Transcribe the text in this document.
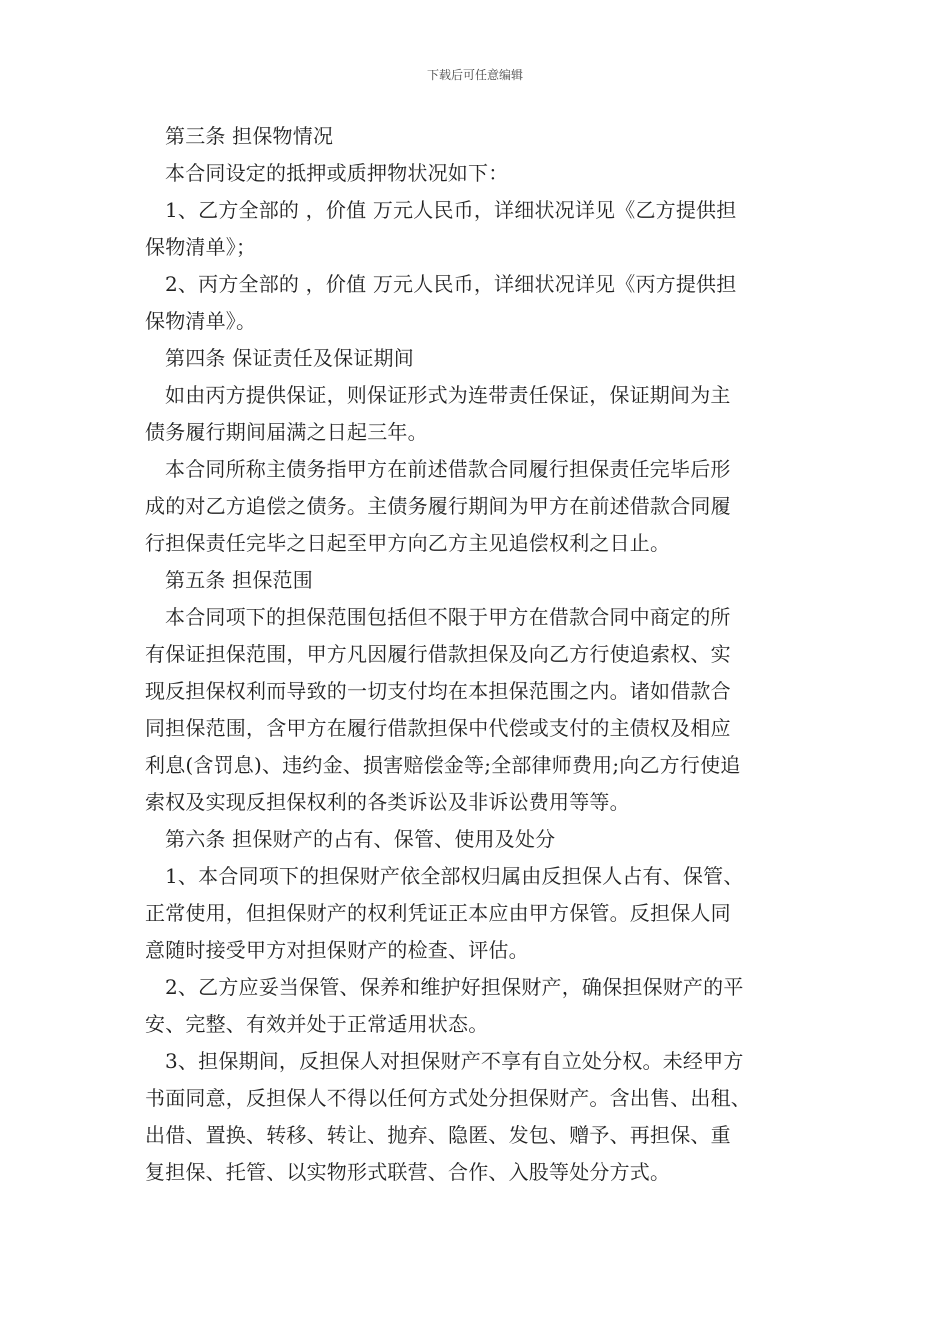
下载后可任意编辑
第三条 担保物情况
本合同设定的抵押或质押物状况如下：
1、乙方全部的 ，价值 万元人民币，详细状况详见《乙方提供担
保物清单》；
2、丙方全部的 ，价值 万元人民币，详细状况详见《丙方提供担
保物清单》。
第四条 保证责任及保证期间
如由丙方提供保证，则保证形式为连带责任保证，保证期间为主
债务履行期间届满之日起三年。
本合同所称主债务指甲方在前述借款合同履行担保责任完毕后形
成的对乙方追偿之债务。主债务履行期间为甲方在前述借款合同履
行担保责任完毕之日起至甲方向乙方主见追偿权利之日止。
第五条 担保范围
本合同项下的担保范围包括但不限于甲方在借款合同中商定的所
有保证担保范围，甲方凡因履行借款担保及向乙方行使追索权、实
现反担保权利而导致的一切支付均在本担保范围之内。诸如借款合
同担保范围，含甲方在履行借款担保中代偿或支付的主债权及相应
利息(含罚息)、违约金、损害赔偿金等;全部律师费用;向乙方行使追
索权及实现反担保权利的各类诉讼及非诉讼费用等等。
第六条 担保财产的占有、保管、使用及处分
1、本合同项下的担保财产依全部权归属由反担保人占有、保管、
正常使用，但担保财产的权利凭证正本应由甲方保管。反担保人同
意随时接受甲方对担保财产的检查、评估。
2、乙方应妥当保管、保养和维护好担保财产，确保担保财产的平
安、完整、有效并处于正常适用状态。
3、担保期间，反担保人对担保财产不享有自立处分权。未经甲方
书面同意，反担保人不得以任何方式处分担保财产。含出售、出租、
出借、置换、转移、转让、抛弃、隐匿、发包、赠予、再担保、重
复担保、托管、以实物形式联营、合作、入股等处分方式。
